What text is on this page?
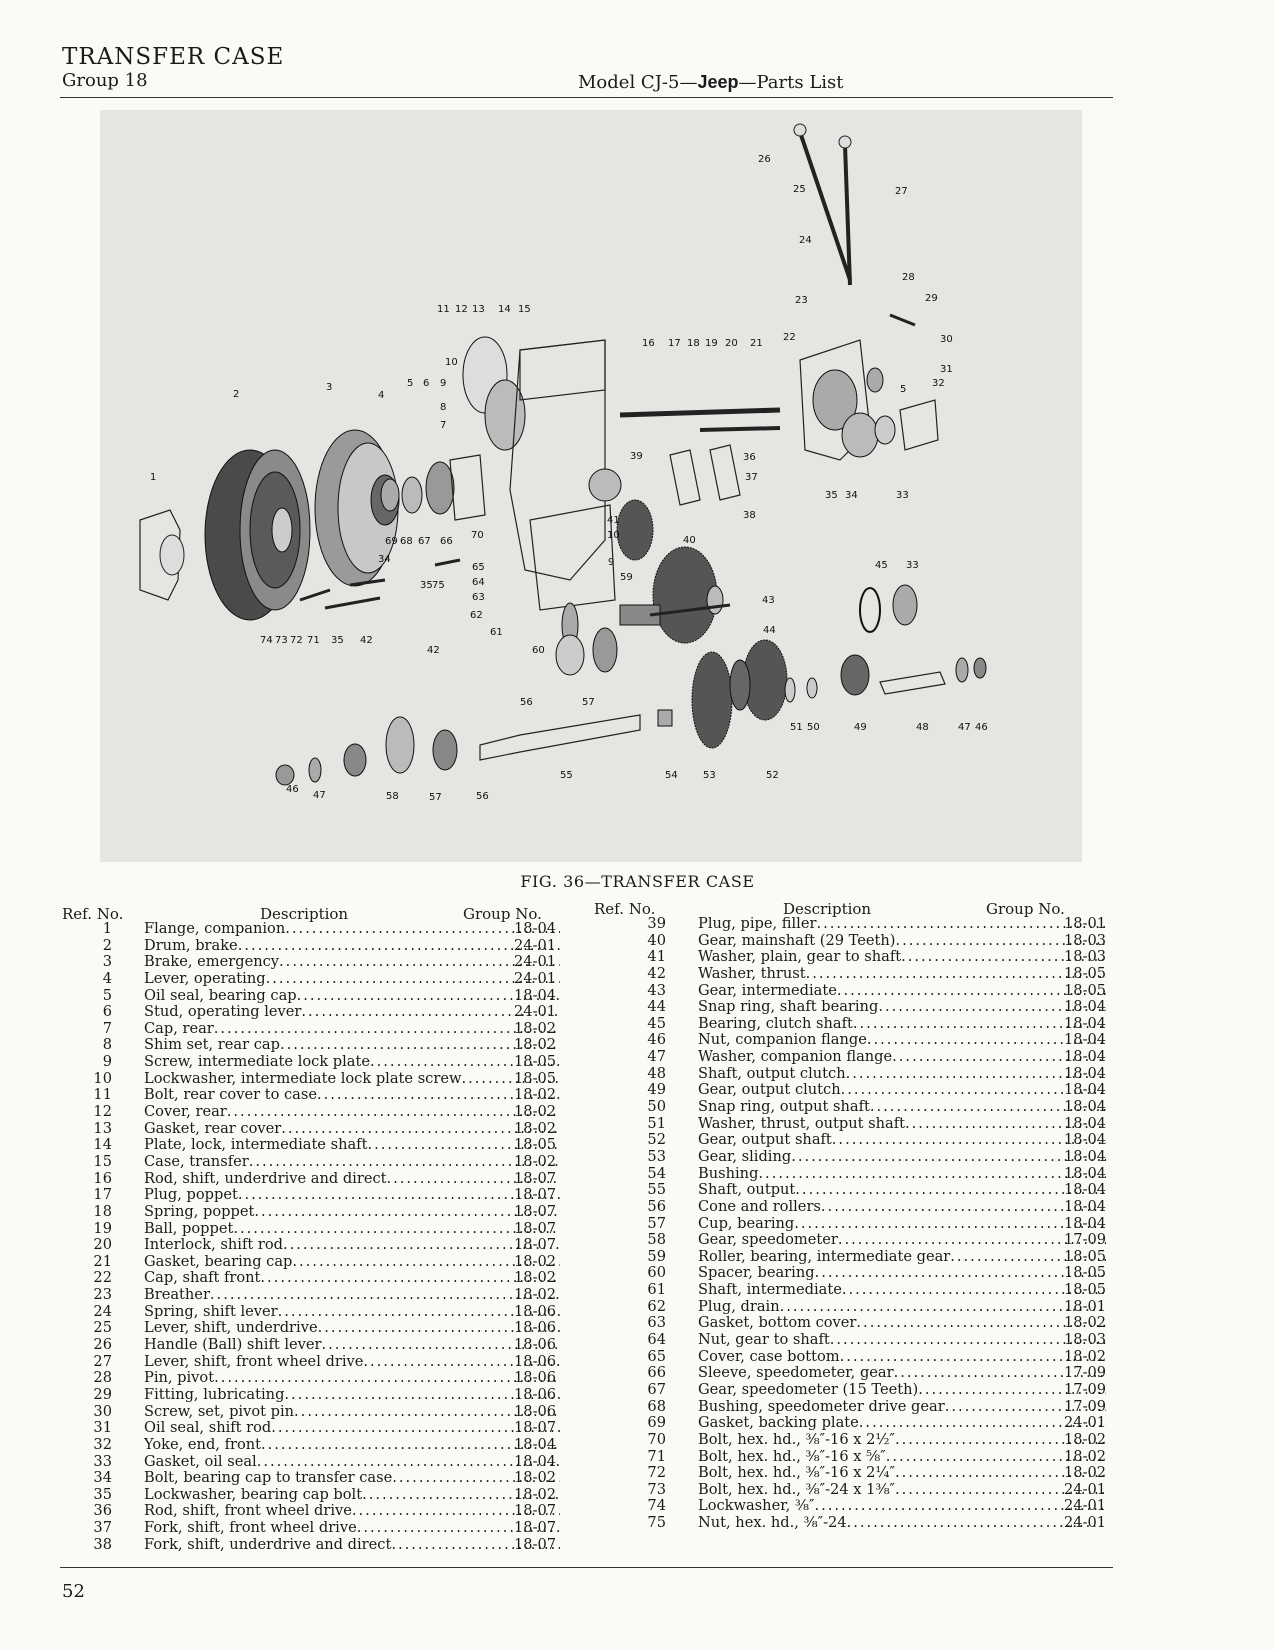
TRANSFER CASE
Group 18	Model CJ-5—Jeep—Parts List
1
2
3
4
5 6 9
8
7
10
11 12 13 14 15
16 17 18 19 20 21
22
23
24
25
26
27
28
29
30
31
5
32
33
35 34
36
37
38
39
40
41
10
9
59
65
64
63
62
61
60
42
43
44
45 33
69 68 67 66
70
34
35 75
74 73 72 71 35 42
56	57
51 50	49	48	47 46
55	54	53	52
46
47	58	57	56
FIG. 36—TRANSFER CASE
Ref. No.	Description	Group No.
1 Flange, companion .....	18-04
2 Drum, brake .....	24-01
3 Brake, emergency .....	24-01
4 Lever, operating .....	24-01
5 Oil seal, bearing cap .....	18-04
6 Stud, operating lever .....	24-01
7 Cap, rear .....	18-02
8 Shim set, rear cap .....	18-02
9 Screw, intermediate lock plate .....	18-05
10 Lockwasher, intermediate lock plate screw .....	18-05
11 Bolt, rear cover to case .....	18-02
12 Cover, rear .....	18-02
13 Gasket, rear cover .....	18-02
14 Plate, lock, intermediate shaft .....	18-05
15 Case, transfer .....	18-02
16 Rod, shift, underdrive and direct .....	18-07
17 Plug, poppet .....	18-07
18 Spring, poppet .....	18-07
19 Ball, poppet .....	18-07
20 Interlock, shift rod .....	18-07
21 Gasket, bearing cap .....	18-02
22 Cap, shaft front .....	18-02
23 Breather .....	18-02
24 Spring, shift lever .....	18-06
25 Lever, shift, underdrive .....	18-06
26 Handle (Ball) shift lever .....	18-06
27 Lever, shift, front wheel drive .....	18-06
28 Pin, pivot .....	18-06
29 Fitting, lubricating .....	18-06
30 Screw, set, pivot pin .....	18-06
31 Oil seal, shift rod .....	18-07
32 Yoke, end, front .....	18-04
33 Gasket, oil seal .....	18-04
34 Bolt, bearing cap to transfer case .....	18-02
35 Lockwasher, bearing cap bolt .....	18-02
36 Rod, shift, front wheel drive .....	18-07
37 Fork, shift, front wheel drive .....	18-07
38 Fork, shift, underdrive and direct .....	18-07
Ref. No.	Description	Group No.
39 Plug, pipe, filler .....	18-01
40 Gear, mainshaft (29 Teeth) .....	18-03
41 Washer, plain, gear to shaft .....	18-03
42 Washer, thrust .....	18-05
43 Gear, intermediate .....	18-05
44 Snap ring, shaft bearing .....	18-04
45 Bearing, clutch shaft .....	18-04
46 Nut, companion flange .....	18-04
47 Washer, companion flange .....	18-04
48 Shaft, output clutch .....	18-04
49 Gear, output clutch .....	18-04
50 Snap ring, output shaft .....	18-04
51 Washer, thrust, output shaft .....	18-04
52 Gear, output shaft .....	18-04
53 Gear, sliding .....	18-04
54 Bushing .....	18-04
55 Shaft, output .....	18-04
56 Cone and rollers .....	18-04
57 Cup, bearing .....	18-04
58 Gear, speedometer .....	17-09
59 Roller, bearing, intermediate gear .....	18-05
60 Spacer, bearing .....	18-05
61 Shaft, intermediate .....	18-05
62 Plug, drain .....	18-01
63 Gasket, bottom cover .....	18-02
64 Nut, gear to shaft .....	18-03
65 Cover, case bottom .....	18-02
66 Sleeve, speedometer, gear .....	17-09
67 Gear, speedometer (15 Teeth) .....	17-09
68 Bushing, speedometer drive gear .....	17-09
69 Gasket, backing plate .....	24-01
70 Bolt, hex. hd., ³⁄₈″-16 x 2½″ .....	18-02
71 Bolt, hex. hd., ³⁄₈″-16 x ⅝″ .....	18-02
72 Bolt, hex. hd., ³⁄₈″-16 x 2¼″ .....	18-02
73 Bolt, hex. hd., ³⁄₈″-24 x 1³⁄₈″ .....	24-01
74 Lockwasher, ³⁄₈″ .....	24-01
75 Nut, hex. hd., ³⁄₈″-24 .....	24-01
52
